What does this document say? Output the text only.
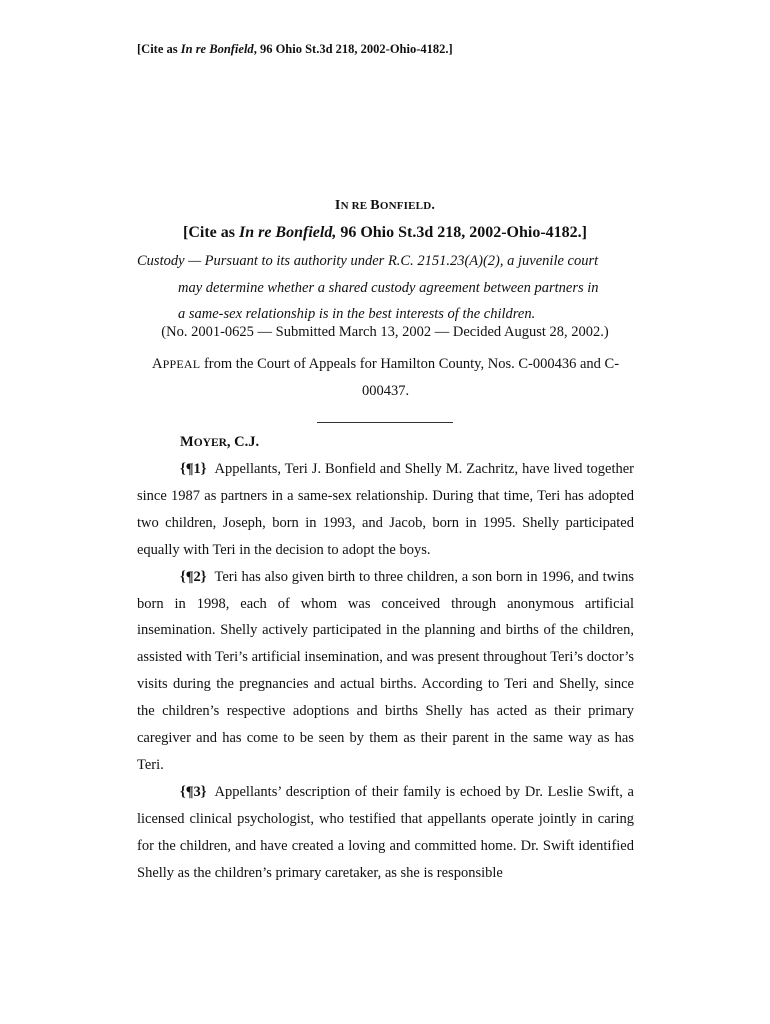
[Cite as In re Bonfield, 96 Ohio St.3d 218, 2002-Ohio-4182.]
IN RE BONFIELD.
[Cite as In re Bonfield, 96 Ohio St.3d 218, 2002-Ohio-4182.]
Custody — Pursuant to its authority under R.C. 2151.23(A)(2), a juvenile court
may determine whether a shared custody agreement between partners in
a same-sex relationship is in the best interests of the children.
(No. 2001-0625 — Submitted March 13, 2002 — Decided August 28, 2002.)
APPEAL from the Court of Appeals for Hamilton County, Nos. C-000436 and C-
000437.
MOYER, C.J.

{¶1} Appellants, Teri J. Bonfield and Shelly M. Zachritz, have lived together since 1987 as partners in a same-sex relationship. During that time, Teri has adopted two children, Joseph, born in 1993, and Jacob, born in 1995. Shelly participated equally with Teri in the decision to adopt the boys.

{¶2} Teri has also given birth to three children, a son born in 1996, and twins born in 1998, each of whom was conceived through anonymous artificial insemination. Shelly actively participated in the planning and births of the children, assisted with Teri’s artificial insemination, and was present throughout Teri’s doctor’s visits during the pregnancies and actual births. According to Teri and Shelly, since the children’s respective adoptions and births Shelly has acted as their primary caregiver and has come to be seen by them as their parent in the same way as has Teri.

{¶3} Appellants’ description of their family is echoed by Dr. Leslie Swift, a licensed clinical psychologist, who testified that appellants operate jointly in caring for the children, and have created a loving and committed home. Dr. Swift identified Shelly as the children’s primary caretaker, as she is responsible
